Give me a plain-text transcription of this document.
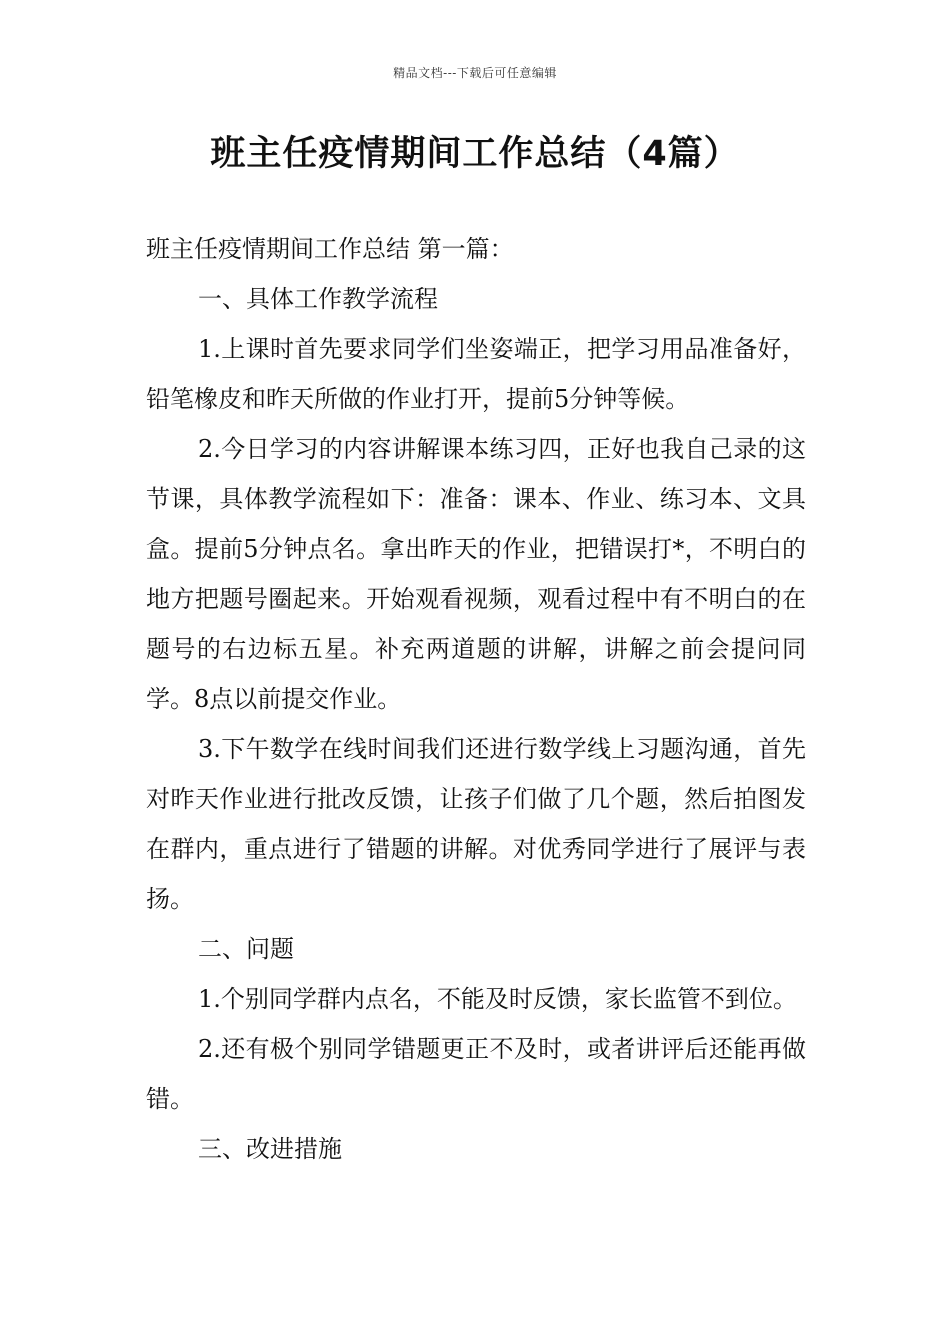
精品文档---下载后可任意编辑
班主任疫情期间工作总结（4篇）

班主任疫情期间工作总结 第一篇：

一、具体工作教学流程

1.上课时首先要求同学们坐姿端正，把学习用品准备好，铅笔橡皮和昨天所做的作业打开，提前5分钟等候。

2.今日学习的内容讲解课本练习四，正好也我自己录的这节课，具体教学流程如下：准备：课本、作业、练习本、文具盒。提前5分钟点名。拿出昨天的作业，把错误打*，不明白的地方把题号圈起来。开始观看视频，观看过程中有不明白的在题号的右边标五星。补充两道题的讲解，讲解之前会提问同学。8点以前提交作业。

3.下午数学在线时间我们还进行数学线上习题沟通，首先对昨天作业进行批改反馈，让孩子们做了几个题，然后拍图发在群内，重点进行了错题的讲解。对优秀同学进行了展评与表扬。

二、问题

1.个别同学群内点名，不能及时反馈，家长监管不到位。

2.还有极个别同学错题更正不及时，或者讲评后还能再做错。

三、改进措施
